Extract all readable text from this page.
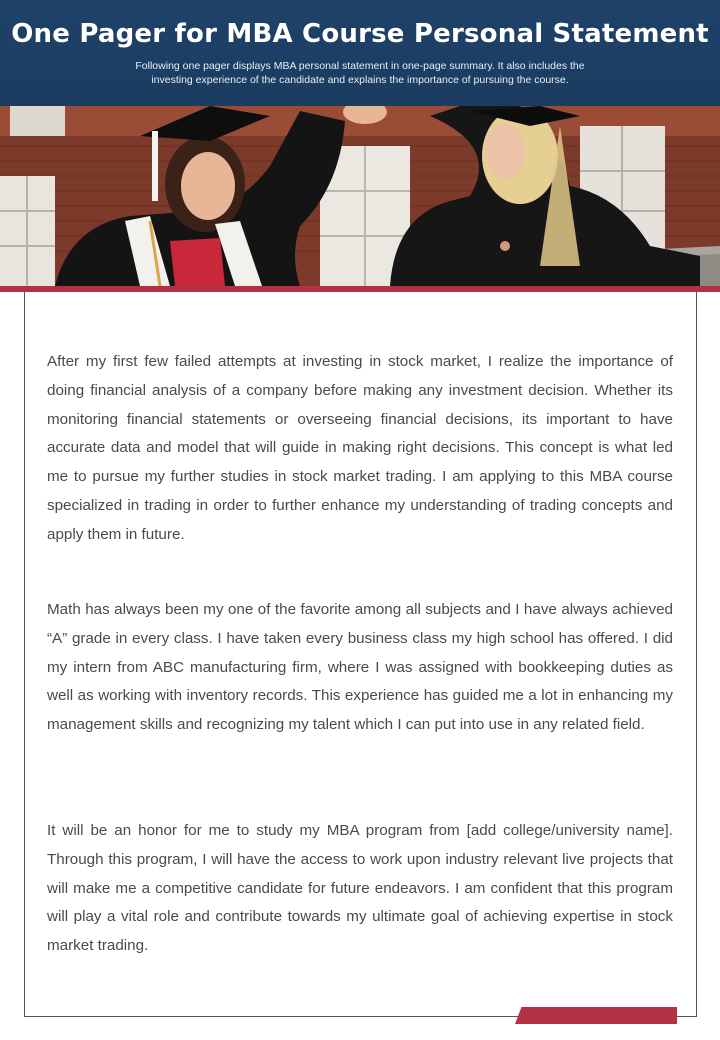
One Pager for MBA Course Personal Statement
Following one pager displays MBA personal statement in one-page summary. It also includes the investing experience of the candidate and explains the importance of pursuing the course.

After my first few failed attempts at investing in stock market, I realize the importance of doing financial analysis of a company before making any investment decision. Whether its monitoring financial statements or overseeing financial decisions, its important to have accurate data and model that will guide in making right decisions. This concept is what led me to pursue my further studies in stock market trading. I am applying to this MBA course specialized in trading in order to further enhance my understanding of trading concepts and apply them in future.

Math has always been my one of the favorite among all subjects and I have always achieved “A” grade in every class. I have taken every business class my high school has offered. I did my intern from ABC manufacturing firm, where I was assigned with bookkeeping duties as well as working with inventory records. This experience has guided me a lot in enhancing my management skills and recognizing my talent which I can put into use in any related field.

It will be an honor for me to study my MBA program from [add college/university name]. Through this program, I will have the access to work upon industry relevant live projects that will make me a competitive candidate for future endeavors. I am confident that this program will play a vital role and contribute towards my ultimate goal of achieving expertise in stock market trading.
